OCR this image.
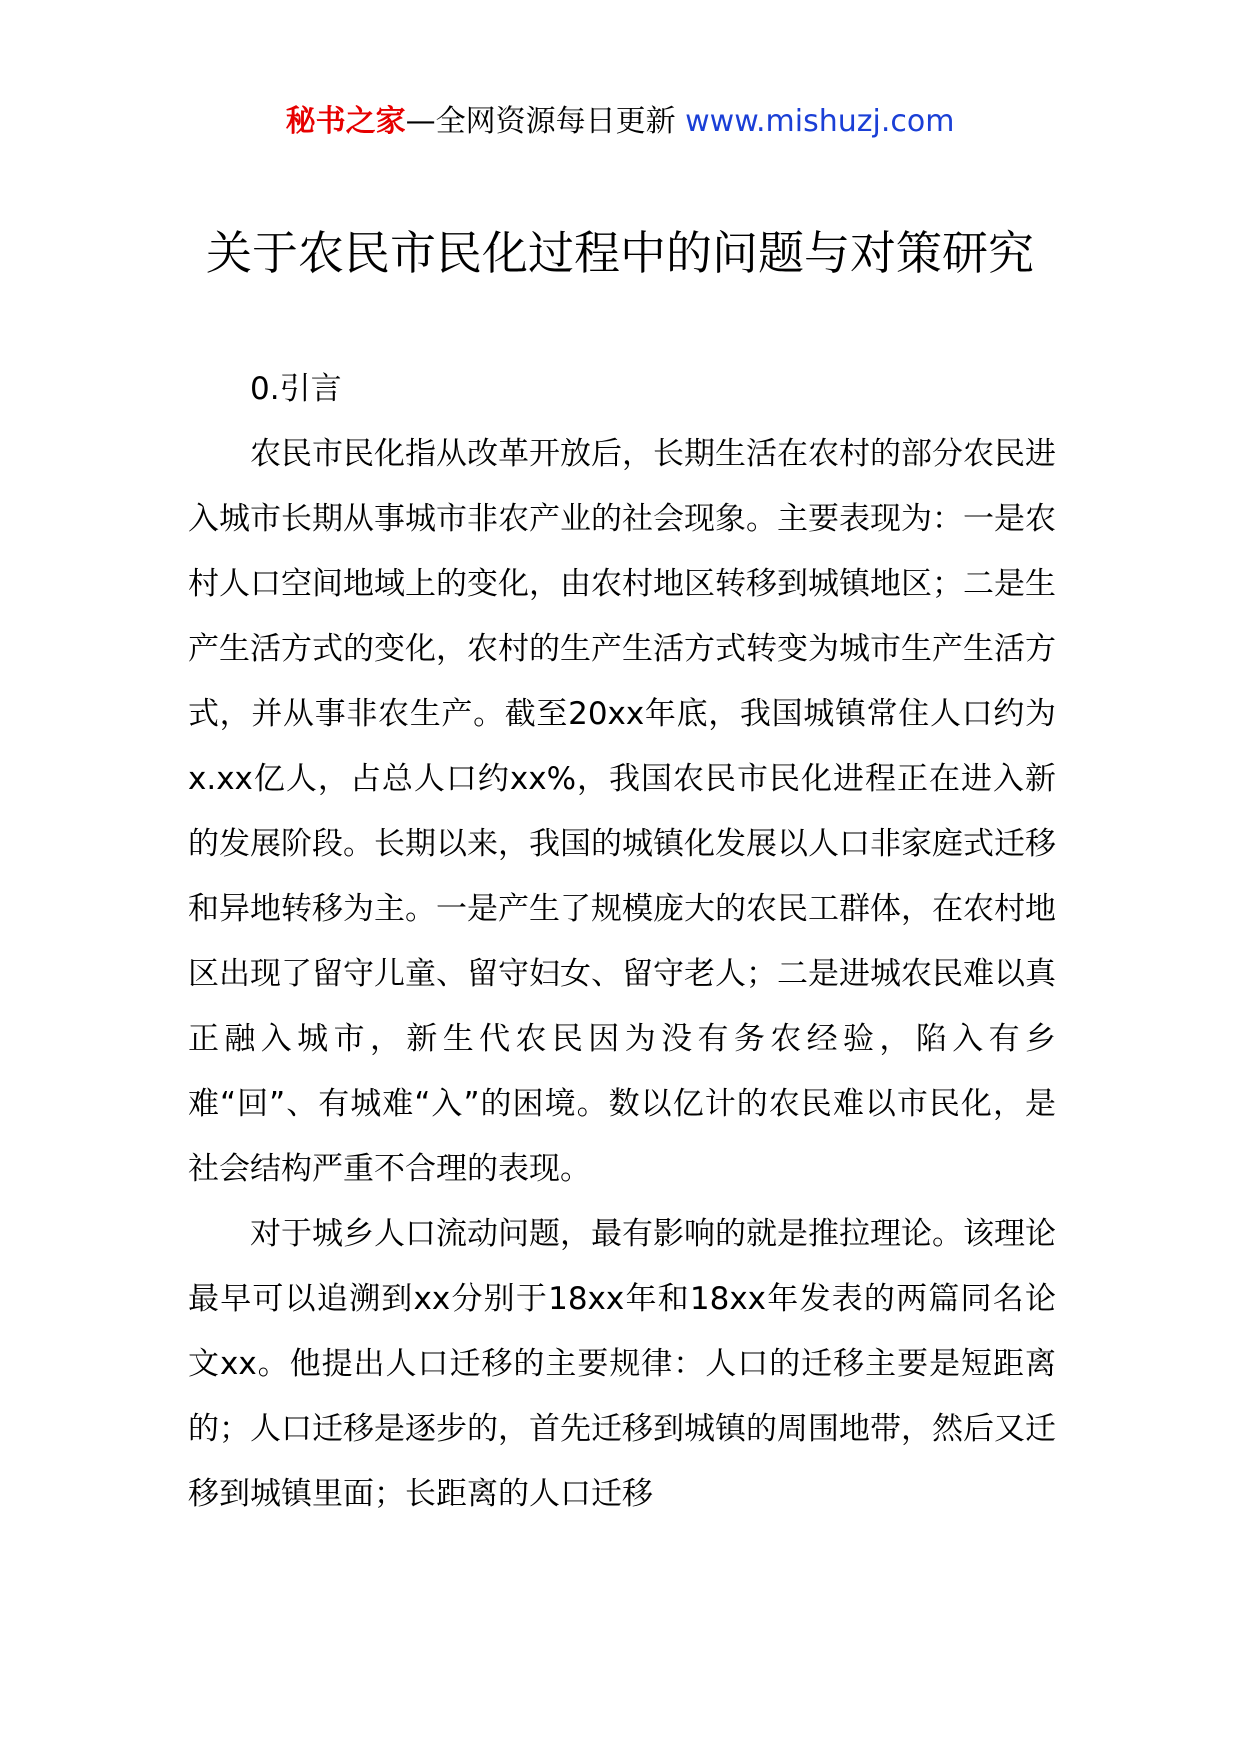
秘书之家—全网资源每日更新 www.mishuzj.com
关于农民市民化过程中的问题与对策研究

0.引言

农民市民化指从改革开放后，长期生活在农村的部分农民进入城市长期从事城市非农产业的社会现象。主要表现为：一是农村人口空间地域上的变化，由农村地区转移到城镇地区；二是生产生活方式的变化，农村的生产生活方式转变为城市生产生活方式，并从事非农生产。截至20xx年底，我国城镇常住人口约为x.xx亿人，占总人口约xx%，我国农民市民化进程正在进入新的发展阶段。长期以来，我国的城镇化发展以人口非家庭式迁移和异地转移为主。一是产生了规模庞大的农民工群体，在农村地区出现了留守儿童、留守妇女、留守老人；二是进城农民难以真正融入城市，新生代农民因为没有务农经验，陷入有乡难“回”、有城难“入”的困境。数以亿计的农民难以市民化，是社会结构严重不合理的表现。

对于城乡人口流动问题，最有影响的就是推拉理论。该理论最早可以追溯到xx分别于18xx年和18xx年发表的两篇同名论文xx。他提出人口迁移的主要规律：人口的迁移主要是短距离的；人口迁移是逐步的，首先迁移到城镇的周围地带，然后又迁移到城镇里面；长距离的人口迁移
